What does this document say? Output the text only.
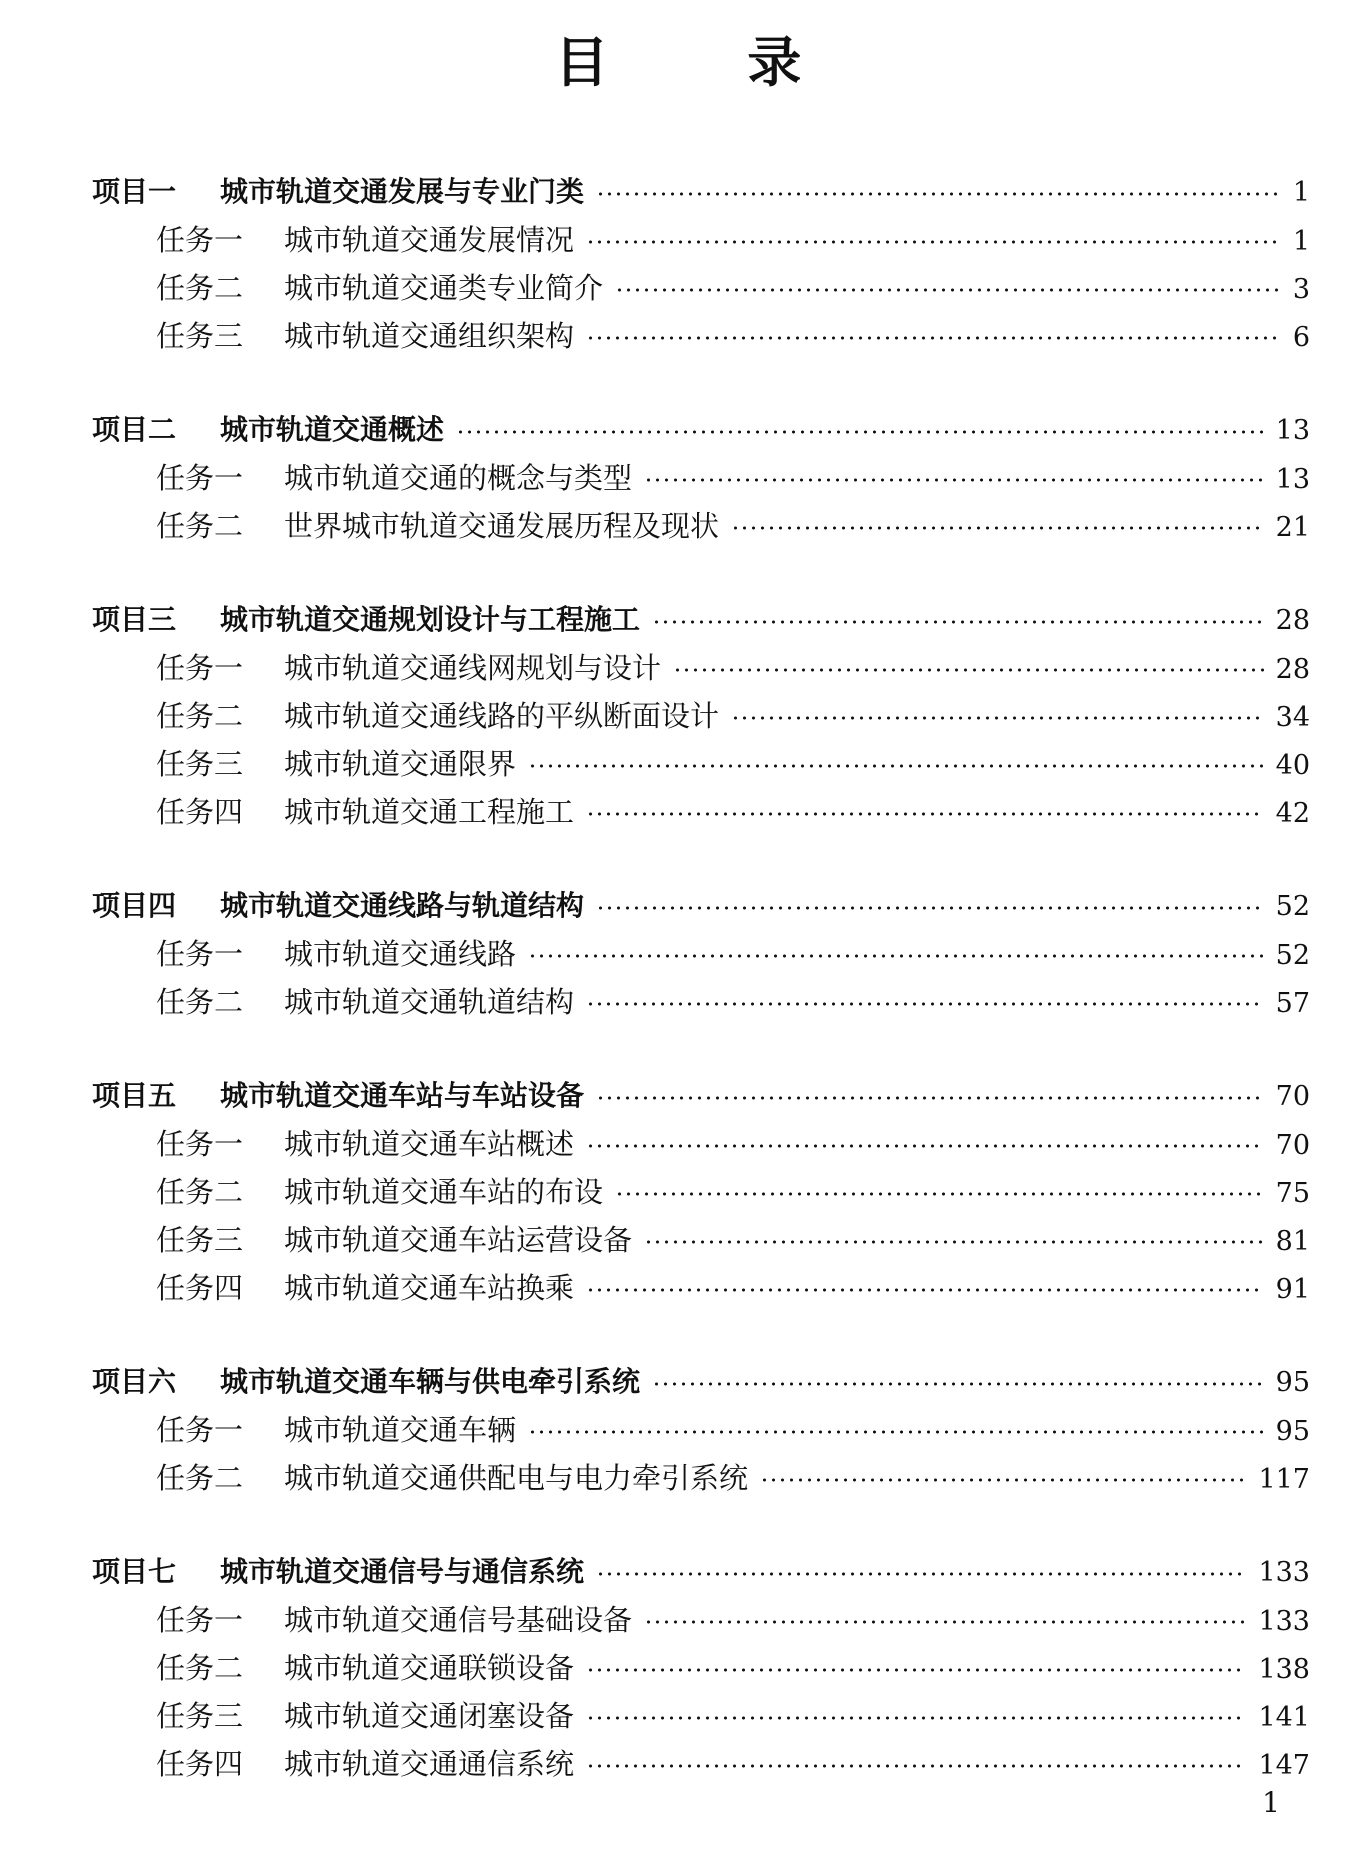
目 录
项目一	城市轨道交通发展与专业门类	1
任务一	城市轨道交通发展情况	1
任务二	城市轨道交通类专业简介	3
任务三	城市轨道交通组织架构	6
项目二	城市轨道交通概述	13
任务一	城市轨道交通的概念与类型	13
任务二	世界城市轨道交通发展历程及现状	21
项目三	城市轨道交通规划设计与工程施工	28
任务一	城市轨道交通线网规划与设计	28
任务二	城市轨道交通线路的平纵断面设计	34
任务三	城市轨道交通限界	40
任务四	城市轨道交通工程施工	42
项目四	城市轨道交通线路与轨道结构	52
任务一	城市轨道交通线路	52
任务二	城市轨道交通轨道结构	57
项目五	城市轨道交通车站与车站设备	70
任务一	城市轨道交通车站概述	70
任务二	城市轨道交通车站的布设	75
任务三	城市轨道交通车站运营设备	81
任务四	城市轨道交通车站换乘	91
项目六	城市轨道交通车辆与供电牵引系统	95
任务一	城市轨道交通车辆	95
任务二	城市轨道交通供配电与电力牵引系统	117
项目七	城市轨道交通信号与通信系统	133
任务一	城市轨道交通信号基础设备	133
任务二	城市轨道交通联锁设备	138
任务三	城市轨道交通闭塞设备	141
任务四	城市轨道交通通信系统	147
1
